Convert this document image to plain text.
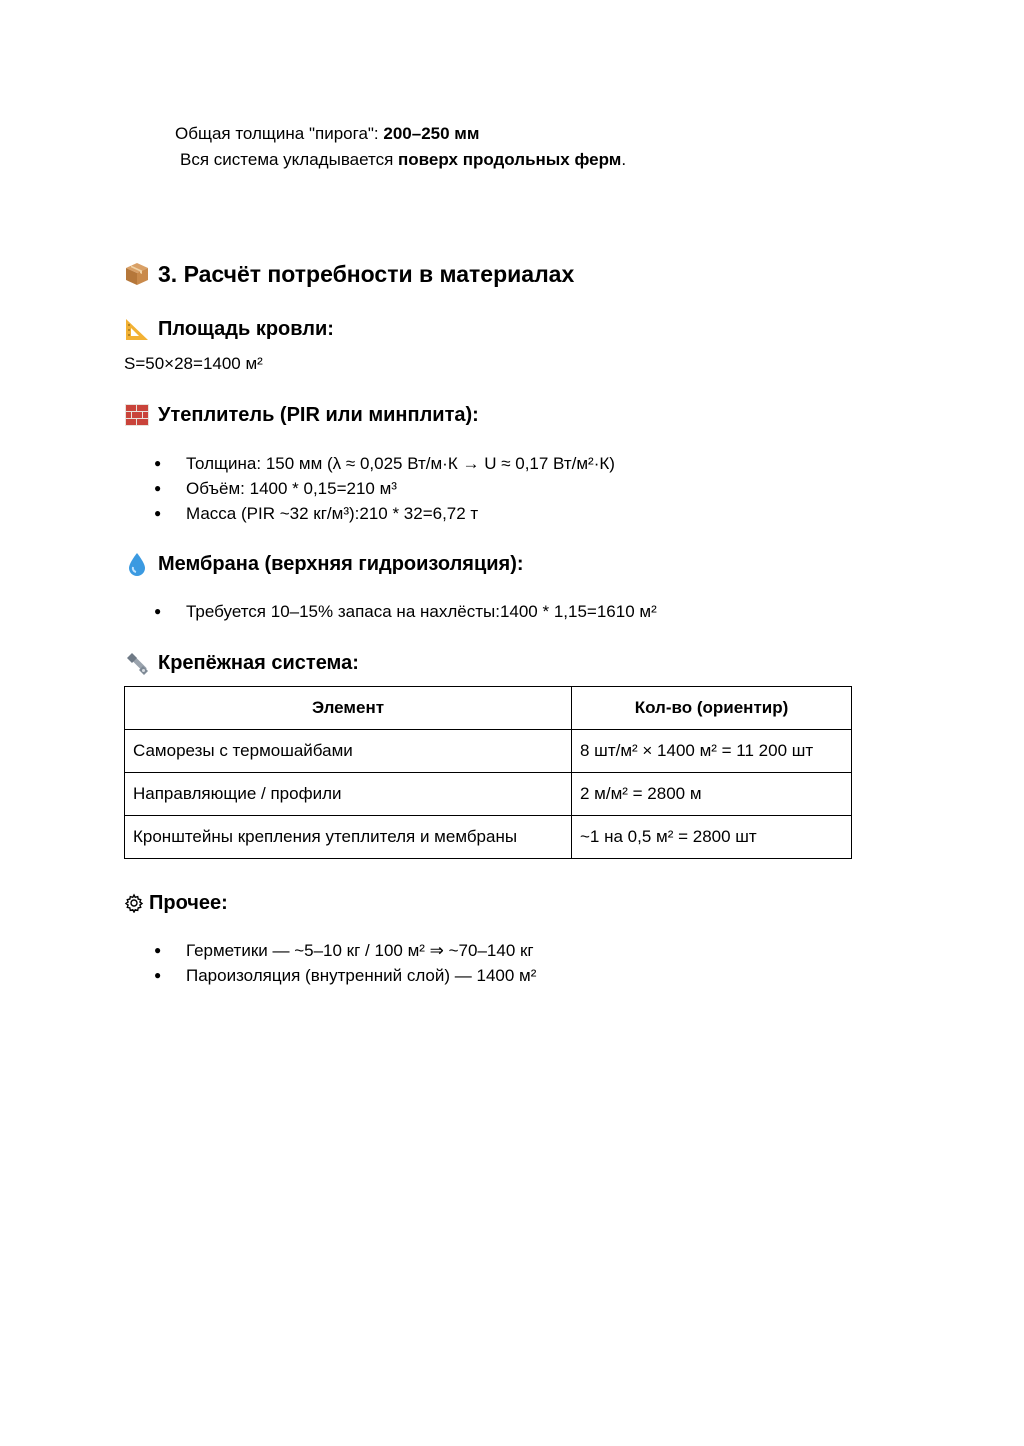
Общая толщина "пирога": 200–250 мм
Вся система укладывается поверх продольных ферм.
3. Расчёт потребности в материалах
Площадь кровли:
S=50×28=1400 м²
Утеплитель (PIR или минплита):
● Толщина: 150 мм (λ ≈ 0,025 Вт/м·К → U ≈ 0,17 Вт/м²·К)
● Объём: 1400 * 0,15=210 м³
● Масса (PIR ~32 кг/м³):210 * 32=6,72 т
Мембрана (верхняя гидроизоляция):
● Требуется 10–15% запаса на нахлёсты:1400 * 1,15=1610 м²
Крепёжная система:
Элемент	Кол-во (ориентир)
Саморезы с термошайбами	8 шт/м² × 1400 м² = 11 200 шт
Направляющие / профили	2 м/м² = 2800 м
Кронштейны крепления утеплителя и мембраны	~1 на 0,5 м² = 2800 шт
Прочее:
● Герметики — ~5–10 кг / 100 м² ⇒ ~70–140 кг
● Пароизоляция (внутренний слой) — 1400 м²
